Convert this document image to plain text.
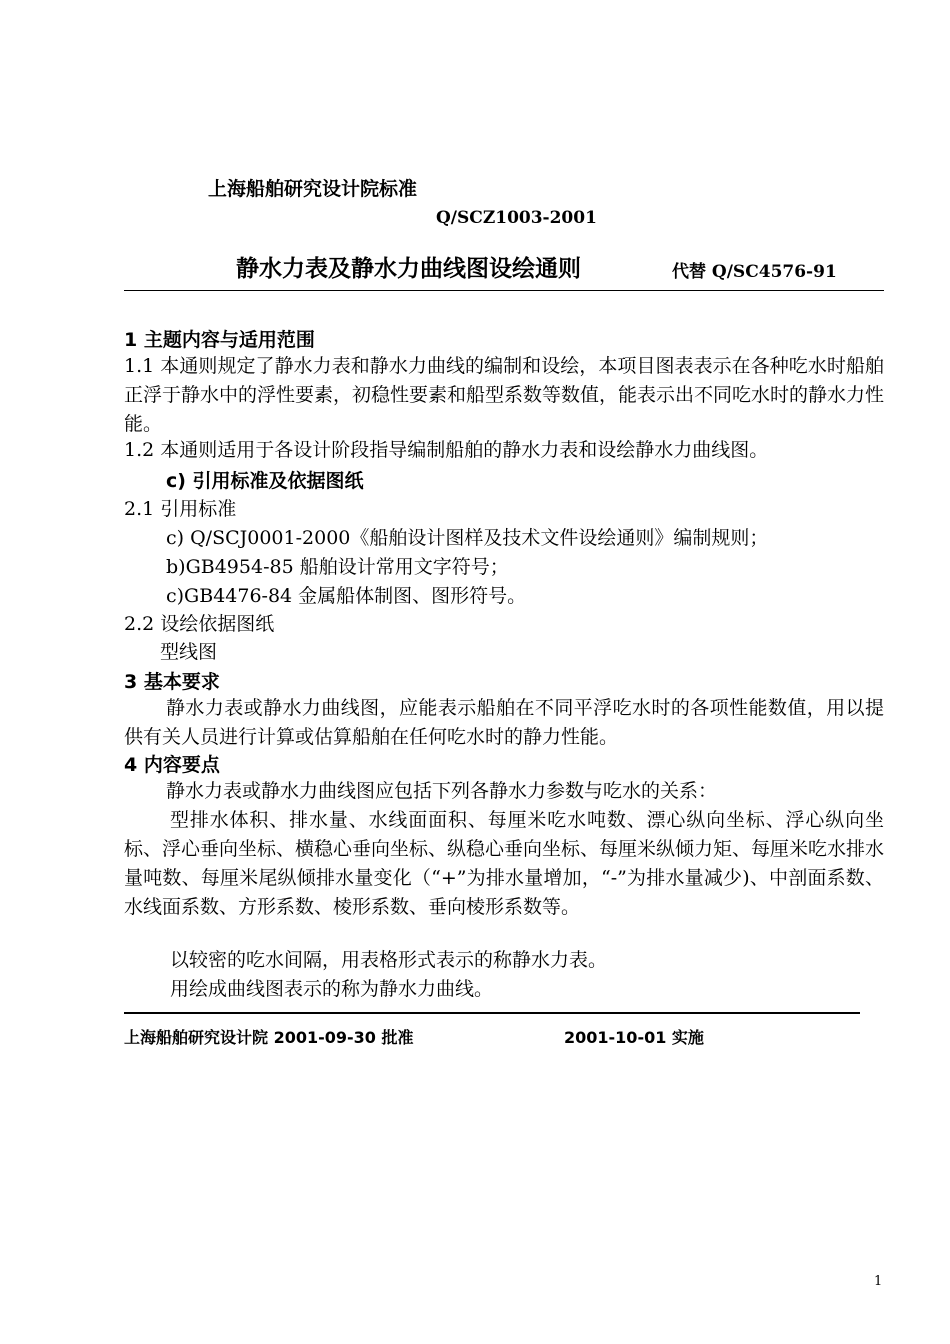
上海船舶研究设计院标准
Q/SCZ1003-2001
静水力表及静水力曲线图设绘通则	代替 Q/SC4576-91
1 主题内容与适用范围
1.1 本通则规定了静水力表和静水力曲线的编制和设绘，本项目图表表示在各种吃水时船舶正浮于静水中的浮性要素，初稳性要素和船型系数等数值，能表示出不同吃水时的静水力性能。
1.2 本通则适用于各设计阶段指导编制船舶的静水力表和设绘静水力曲线图。
c) 引用标准及依据图纸
2.1 引用标准
c) Q/SCJ0001-2000《船舶设计图样及技术文件设绘通则》编制规则；
b)GB4954-85 船舶设计常用文字符号；
c)GB4476-84 金属船体制图、图形符号。
2.2 设绘依据图纸
型线图
3 基本要求
静水力表或静水力曲线图，应能表示船舶在不同平浮吃水时的各项性能数值，用以提供有关人员进行计算或估算船舶在任何吃水时的静力性能。
4 内容要点
静水力表或静水力曲线图应包括下列各静水力参数与吃水的关系：
型排水体积、排水量、水线面面积、每厘米吃水吨数、漂心纵向坐标、浮心纵向坐标、浮心垂向坐标、横稳心垂向坐标、纵稳心垂向坐标、每厘米纵倾力矩、每厘米吃水排水量吨数、每厘米尾纵倾排水量变化（“+”为排水量增加，“-”为排水量减少)、中剖面系数、水线面系数、方形系数、棱形系数、垂向棱形系数等。
以较密的吃水间隔，用表格形式表示的称静水力表。
用绘成曲线图表示的称为静水力曲线。
上海船舶研究设计院 2001-09-30 批准	2001-10-01 实施
1
